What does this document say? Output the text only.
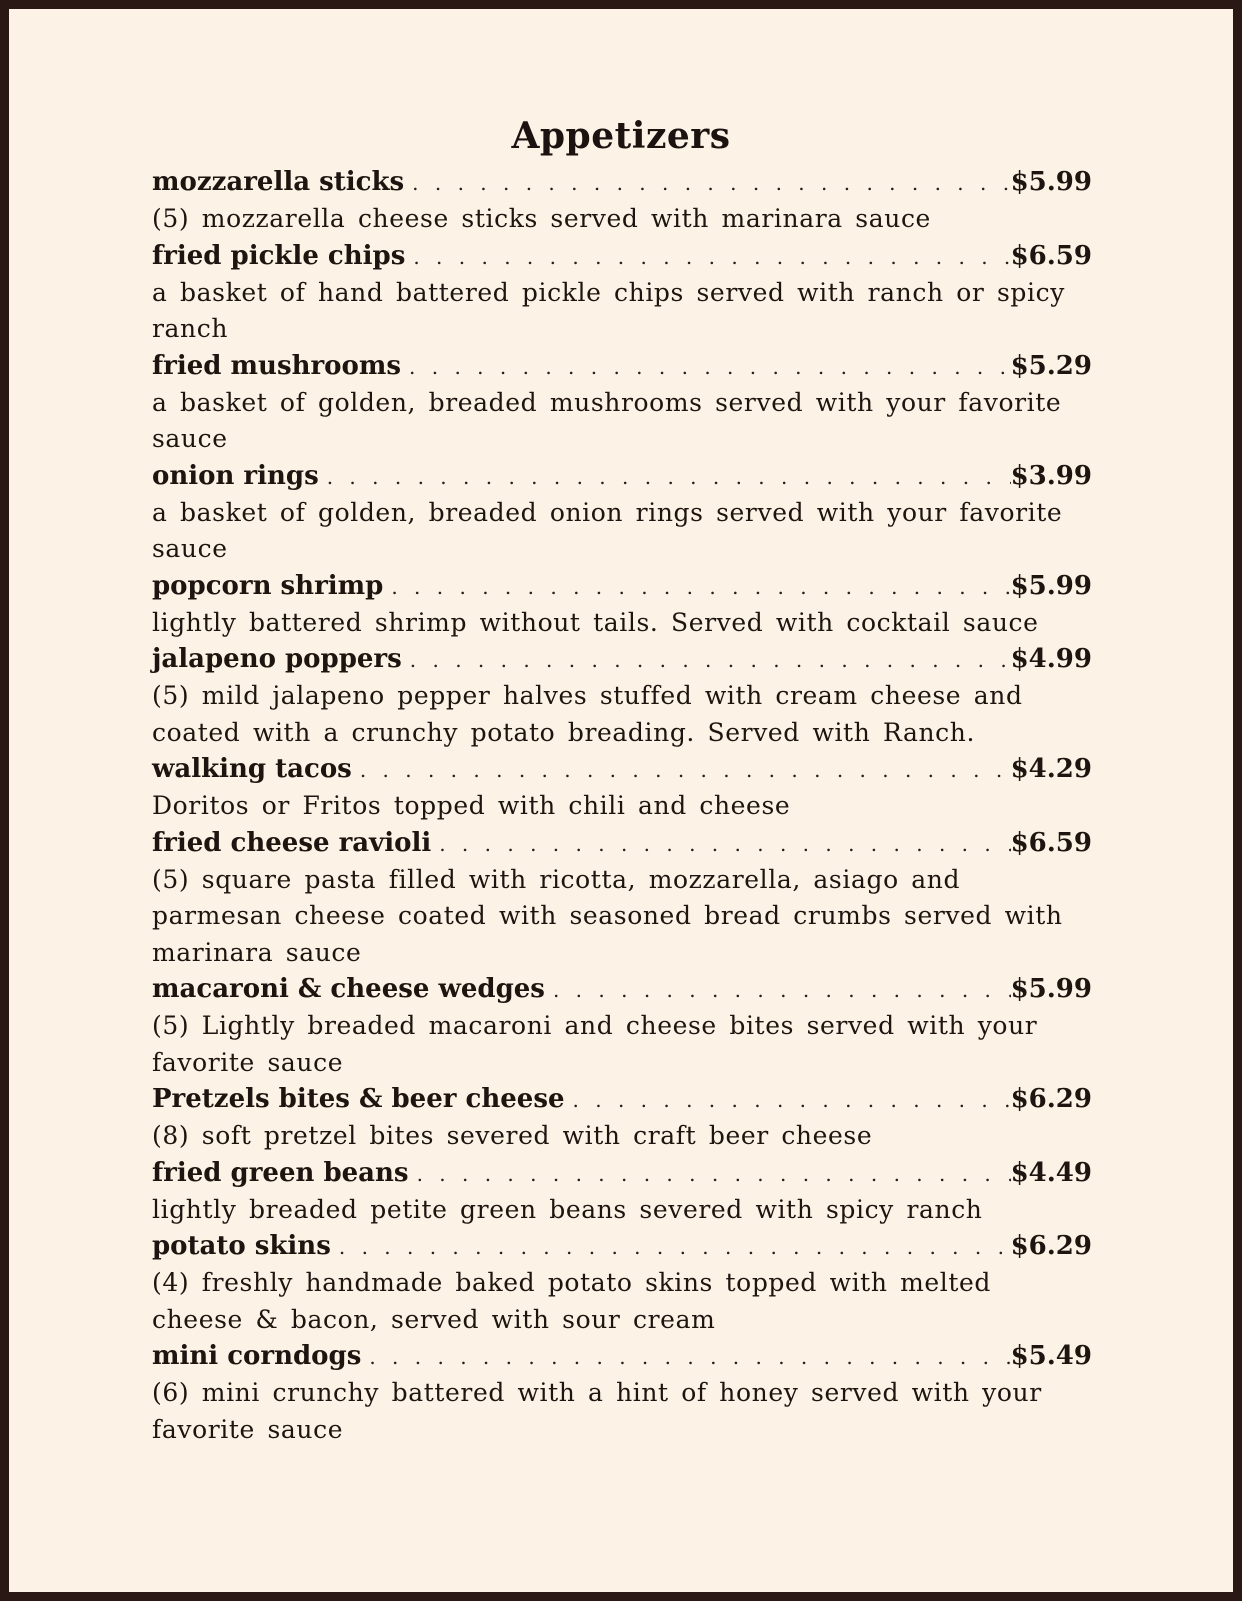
Appetizers
mozzarella sticks . . .	$5.99
(5) mozzarella cheese sticks served with marinara sauce
fried pickle chips . . .	$6.59
a basket of hand battered pickle chips served with ranch or spicy ranch
fried mushrooms . . .	$5.29
a basket of golden, breaded mushrooms served with your favorite sauce
onion rings . . .	$3.99
a basket of golden, breaded onion rings served with your favorite sauce
popcorn shrimp . . .	$5.99
lightly battered shrimp without tails. Served with cocktail sauce
jalapeno poppers . . .	$4.99
(5) mild jalapeno pepper halves stuffed with cream cheese and coated with a crunchy potato breading. Served with Ranch.
walking tacos . . .	$4.29
Doritos or Fritos topped with chili and cheese
fried cheese ravioli . . .	$6.59
(5) square pasta filled with ricotta, mozzarella, asiago and parmesan cheese coated with seasoned bread crumbs served with marinara sauce
macaroni & cheese wedges . . .	$5.99
(5) Lightly breaded macaroni and cheese bites served with your favorite sauce
Pretzels bites & beer cheese . . .	$6.29
(8) soft pretzel bites severed with craft beer cheese
fried green beans . . .	$4.49
lightly breaded petite green beans severed with spicy ranch
potato skins . . .	$6.29
(4) freshly handmade baked potato skins topped with melted cheese & bacon, served with sour cream
mini corndogs . . .	$5.49
(6) mini crunchy battered with a hint of honey served with your favorite sauce
